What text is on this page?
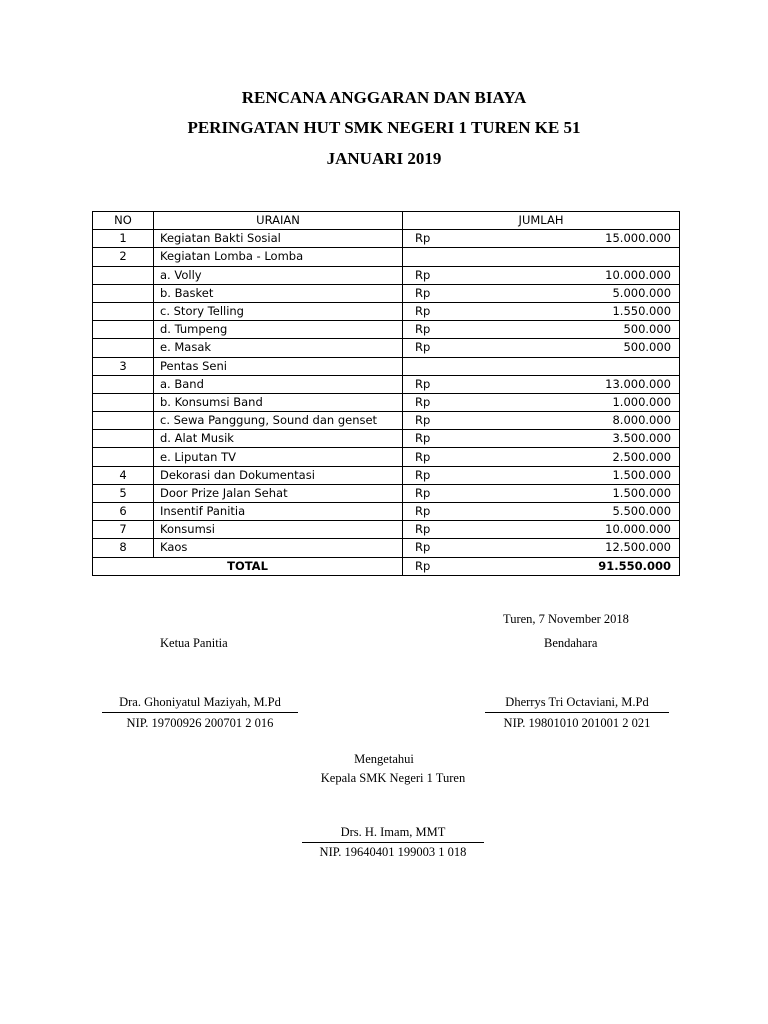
RENCANA ANGGARAN DAN BIAYA
PERINGATAN HUT SMK NEGERI 1 TUREN KE 51
JANUARI 2019
NO	URAIAN	JUMLAH	
1	Kegiatan Bakti Sosial	Rp	15.000.000
2	Kegiatan Lomba - Lomba		
	a. Volly	Rp	10.000.000
	b. Basket	Rp	5.000.000
	c. Story Telling	Rp	1.550.000
	d. Tumpeng	Rp	500.000
	e. Masak	Rp	500.000
3	Pentas Seni		
	a. Band	Rp	13.000.000
	b. Konsumsi Band	Rp	1.000.000
	c. Sewa Panggung, Sound dan genset	Rp	8.000.000
	d. Alat Musik	Rp	3.500.000
	e. Liputan TV	Rp	2.500.000
4	Dekorasi dan Dokumentasi	Rp	1.500.000
5	Door Prize Jalan Sehat	Rp	1.500.000
6	Insentif Panitia	Rp	5.500.000
7	Konsumsi	Rp	10.000.000
8	Kaos	Rp	12.500.000
TOTAL		Rp	91.550.000
Turen, 7 November 2018
Ketua Panitia
Dra. Ghoniyatul Maziyah, M.Pd
NIP. 19700926 200701 2 016
Bendahara
Dherrys Tri Octaviani, M.Pd
NIP. 19801010 201001 2 021
Mengetahui
Kepala SMK Negeri 1 Turen
Drs. H. Imam, MMT
NIP. 19640401 199003 1 018
